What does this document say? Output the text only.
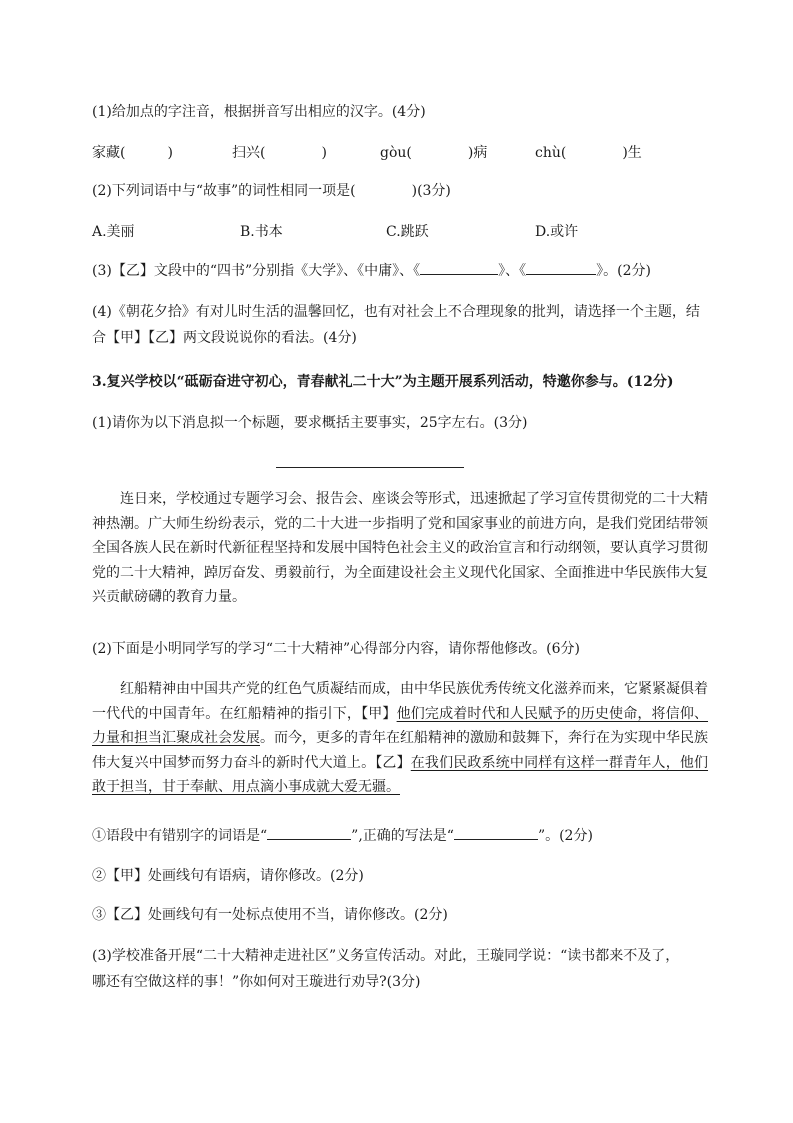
(1)给加点的字注音，根据拼音写出相应的汉字。(4分)
家藏(　　　)	扫兴(　　　　)	gòu(　　　　)病	chù(　　　　)生
(2)下列词语中与“故事”的词性相同一项是(　　　　)(3分)
A.美丽	B.书本	C.跳跃	D.或许
(3)【乙】文段中的“四书”分别指《大学》、《中庸》、《	》、《	》。(2分)
(4)《朝花夕拾》有对儿时生活的温馨回忆，也有对社会上不合理现象的批判，请选择一个主题，结
合【甲】【乙】两文段说说你的看法。(4分)
3.复兴学校以“砥砺奋进守初心，青春献礼二十大”为主题开展系列活动，特邀你参与。(12分)
(1)请你为以下消息拟一个标题，要求概括主要事实，25字左右。(3分)
连日来，学校通过专题学习会、报告会、座谈会等形式，迅速掀起了学习宣传贯彻党的二十大精神热潮。广大师生纷纷表示，党的二十大进一步指明了党和国家事业的前进方向，是我们党团结带领全国各族人民在新时代新征程坚持和发展中国特色社会主义的政治宣言和行动纲领，要认真学习贯彻党的二十大精神，踔厉奋发、勇毅前行，为全面建设社会主义现代化国家、全面推进中华民族伟大复兴贡献磅礴的教育力量。
(2)下面是小明同学写的学习“二十大精神”心得部分内容，请你帮他修改。(6分)
红船精神由中国共产党的红色气质凝结而成，由中华民族优秀传统文化滋养而来，它紧紧凝俱着一代代的中国青年。在红船精神的指引下，【甲】他们完成着时代和人民赋予的历史使命，将信仰、力量和担当汇聚成社会发展。而今，更多的青年在红船精神的激励和鼓舞下，奔行在为实现中华民族伟大复兴中国梦而努力奋斗的新时代大道上。【乙】在我们民政系统中同样有这样一群青年人，他们敢于担当，甘于奉献、用点滴小事成就大爱无疆。
①语段中有错别字的词语是“	”,正确的写法是“	”。(2分)
②【甲】处画线句有语病，请你修改。(2分)
③【乙】处画线句有一处标点使用不当，请你修改。(2分)
(3)学校准备开展“二十大精神走进社区”义务宣传活动。对此，王璇同学说：“读书都来不及了，
哪还有空做这样的事！”你如何对王璇进行劝导?(3分)
